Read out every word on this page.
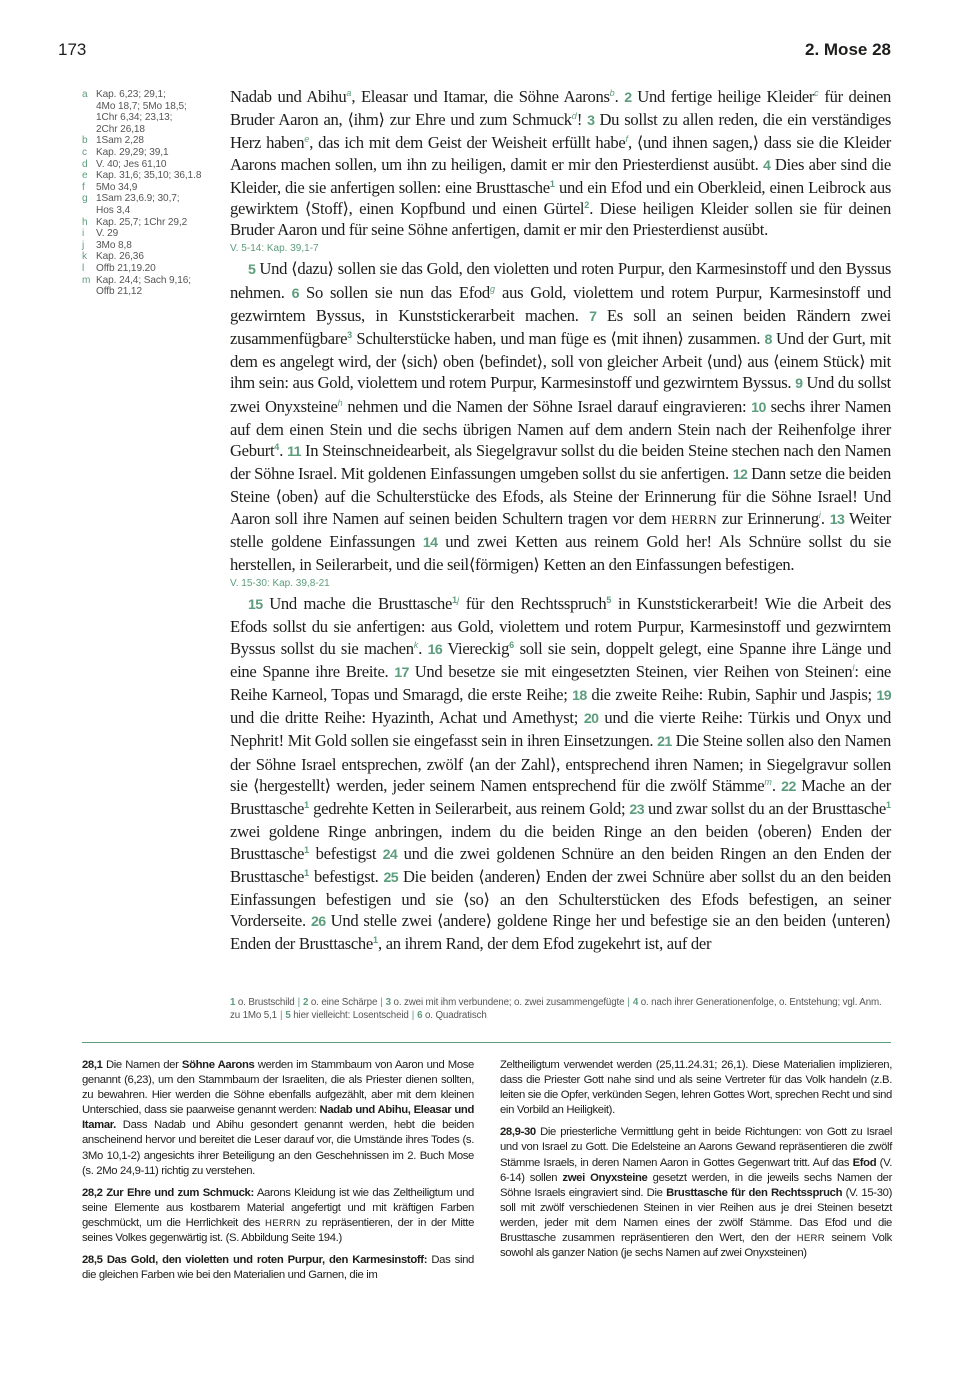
173	2. Mose 28
a Kap. 6,23; 29,1;
4Mo 18,7; 5Mo 18,5;
1Chr 6,34; 23,13;
2Chr 26,18
b 1Sam 2,28
c Kap. 29,29; 39,1
d V. 40; Jes 61,10
e Kap. 31,6; 35,10; 36,1.8
f	5Mo 34,9
g 1Sam 23,6.9; 30,7;
Hos 3,4
h Kap. 25,7; 1Chr 29,2
i	V. 29
j	3Mo 8,8
k Kap. 26,36
l	Offb 21,19.20
m Kap. 24,4; Sach 9,16;
Offb 21,12

Nadab und Abihu$^a$, Eleasar und Itamar, die Söhne Aarons$^b$. 2 Und fertige heilige Kleider$^c$ für deinen Bruder Aaron an, ⟨ihm⟩ zur Ehre und zum Schmuck$^d$! 3 Du sollst zu allen reden, die ein verständiges Herz haben$^e$, das ich mit dem Geist der Weisheit erfüllt habe$^f$, ⟨und ihnen sagen,⟩ dass sie die Kleider Aarons machen sollen, um ihn zu heiligen, damit er mir den Priesterdienst ausübt. 4 Dies aber sind die Kleider, die sie anfertigen sollen: eine Brusttasche$^1$ und ein Efod und ein Oberkleid, einen Leibrock aus gewirktem ⟨Stoff⟩, einen Kopfbund und einen Gürtel$^2$. Diese heiligen Kleider sollen sie für deinen Bruder Aaron und für seine Söhne anfertigen, damit er mir den Priesterdienst ausübt.

V. 5-14: Kap. 39,1-7

5 Und ⟨dazu⟩ sollen sie das Gold, den violetten und roten Purpur, den Karmesinstoff und den Byssus nehmen. 6 So sollen sie nun das Efod$^g$ aus Gold, violettem und rotem Purpur, Karmesinstoff und gezwirntem Byssus, in Kunststickerarbeit machen. 7 Es soll an seinen beiden Rändern zwei zusammenfügbare$^3$ Schulterstücke haben, und man füge es ⟨mit ihnen⟩ zusammen. 8 Und der Gurt, mit dem es angelegt wird, der ⟨sich⟩ oben ⟨befindet⟩, soll von gleicher Arbeit ⟨und⟩ aus ⟨einem Stück⟩ mit ihm sein: aus Gold, violettem und rotem Purpur, Karmesinstoff und gezwirntem Byssus. 9 Und du sollst zwei Onyxsteine$^h$ nehmen und die Namen der Söhne Israel darauf eingravieren: 10 sechs ihrer Namen auf dem einen Stein und die sechs übrigen Namen auf dem andern Stein nach der Reihenfolge ihrer Geburt$^4$. 11 In Steinschneidearbeit, als Siegelgravur sollst du die beiden Steine stechen nach den Namen der Söhne Israel. Mit goldenen Einfassungen umgeben sollst du sie anfertigen. 12 Dann setze die beiden Steine ⟨oben⟩ auf die Schulterstücke des Efods, als Steine der Erinnerung für die Söhne Israel! Und Aaron soll ihre Namen auf seinen beiden Schultern tragen vor dem HERRN zur Erinnerung$^i$. 13 Weiter stelle goldene Einfassungen 14 und zwei Ketten aus reinem Gold her! Als Schnüre sollst du sie herstellen, in Seilerarbeit, und die seil⟨förmigen⟩ Ketten an den Einfassungen befestigen.

V. 15-30: Kap. 39,8-21

15 Und mache die Brusttasche$^{1j}$ für den Rechtsspruch$^5$ in Kunststickerarbeit! Wie die Arbeit des Efods sollst du sie anfertigen: aus Gold, violettem und rotem Purpur, Karmesinstoff und gezwirntem Byssus sollst du sie machen$^k$. 16 Viereckig$^6$ soll sie sein, doppelt gelegt, eine Spanne ihre Länge und eine Spanne ihre Breite. 17 Und besetze sie mit eingesetzten Steinen, vier Reihen von Steinen$^l$: eine Reihe Karneol, Topas und Smaragd, die erste Reihe; 18 die zweite Reihe: Rubin, Saphir und Jaspis; 19 und die dritte Reihe: Hyazinth, Achat und Amethyst; 20 und die vierte Reihe: Türkis und Onyx und Nephrit! Mit Gold sollen sie eingefasst sein in ihren Einsetzungen. 21 Die Steine sollen also den Namen der Söhne Israel entsprechen, zwölf ⟨an der Zahl⟩, entsprechend ihren Namen; in Siegelgravur sollen sie ⟨hergestellt⟩ werden, jeder seinem Namen entsprechend für die zwölf Stämme$^m$. 22 Mache an der Brusttasche$^1$ gedrehte Ketten in Seilerarbeit, aus reinem Gold; 23 und zwar sollst du an der Brusttasche$^1$ zwei goldene Ringe anbringen, indem du die beiden Ringe an den beiden ⟨oberen⟩ Enden der Brusttasche$^1$ befestigst 24 und die zwei goldenen Schnüre an den beiden Ringen an den Enden der Brusttasche$^1$ befestigst. 25 Die beiden ⟨anderen⟩ Enden der zwei Schnüre aber sollst du an den beiden Einfassungen befestigen und sie ⟨so⟩ an den Schulterstücken des Efods befestigen, an seiner Vorderseite. 26 Und stelle zwei ⟨andere⟩ goldene Ringe her und befestige sie an den beiden ⟨unteren⟩ Enden der Brusttasche$^1$, an ihrem Rand, der dem Efod zugekehrt ist, auf der

1 o. Brustschild | 2 o. eine Schärpe | 3 o. zwei mit ihm verbundene; o. zwei zusammengefügte | 4 o. nach ihrer Generationenfolge, o. Entstehung; vgl. Anm. zu 1Mo 5,1 | 5 hier vielleicht: Losentscheid | 6 o. Quadratisch

28,1 Die Namen der Söhne Aarons werden im Stammbaum von Aaron und Mose genannt (6,23), um den Stammbaum der Israeliten, die als Priester dienen sollten, zu bewahren. Hier werden die Söhne ebenfalls aufgezählt, aber mit dem kleinen Unterschied, dass sie paarweise genannt werden: Nadab und Abihu, Eleasar und Itamar. Dass Nadab und Abihu gesondert genannt werden, hebt die beiden anscheinend hervor und bereitet die Leser darauf vor, die Umstände ihres Todes (s. 3Mo 10,1-2) angesichts ihrer Beteiligung an den Geschehnissen im 2. Buch Mose (s. 2Mo 24,9-11) richtig zu verstehen.

28,2 Zur Ehre und zum Schmuck: Aarons Kleidung ist wie das Zeltheiligtum und seine Elemente aus kostbarem Material angefertigt und mit kräftigen Farben geschmückt, um die Herrlichkeit des HERRN zu repräsentieren, der in der Mitte seines Volkes gegenwärtig ist. (S. Abbildung Seite 194.)

28,5 Das Gold, den violetten und roten Purpur, den Karmesinstoff: Das sind die gleichen Farben wie bei den Materialien und Garnen, die im

Zeltheiligtum verwendet werden (25,11.24.31; 26,1). Diese Materialien implizieren, dass die Priester Gott nahe sind und als seine Vertreter für das Volk handeln (z.B. leiten sie die Opfer, verkünden Segen, lehren Gottes Wort, sprechen Recht und sind ein Vorbild an Heiligkeit).

28,9-30 Die priesterliche Vermittlung geht in beide Richtungen: von Gott zu Israel und von Israel zu Gott. Die Edelsteine an Aarons Gewand repräsentieren die zwölf Stämme Israels, in deren Namen Aaron in Gottes Gegenwart tritt. Auf das Efod (V. 6-14) sollen zwei Onyxsteine gesetzt werden, in die jeweils sechs Namen der Söhne Israels eingraviert sind. Die Brusttasche für den Rechtsspruch (V. 15-30) soll mit zwölf verschiedenen Steinen in vier Reihen aus je drei Steinen besetzt werden, jeder mit dem Namen eines der zwölf Stämme. Das Efod und die Brusttasche zusammen repräsentieren den Wert, den der HERR seinem Volk sowohl als ganzer Nation (je sechs Namen auf zwei Onyxsteinen)
